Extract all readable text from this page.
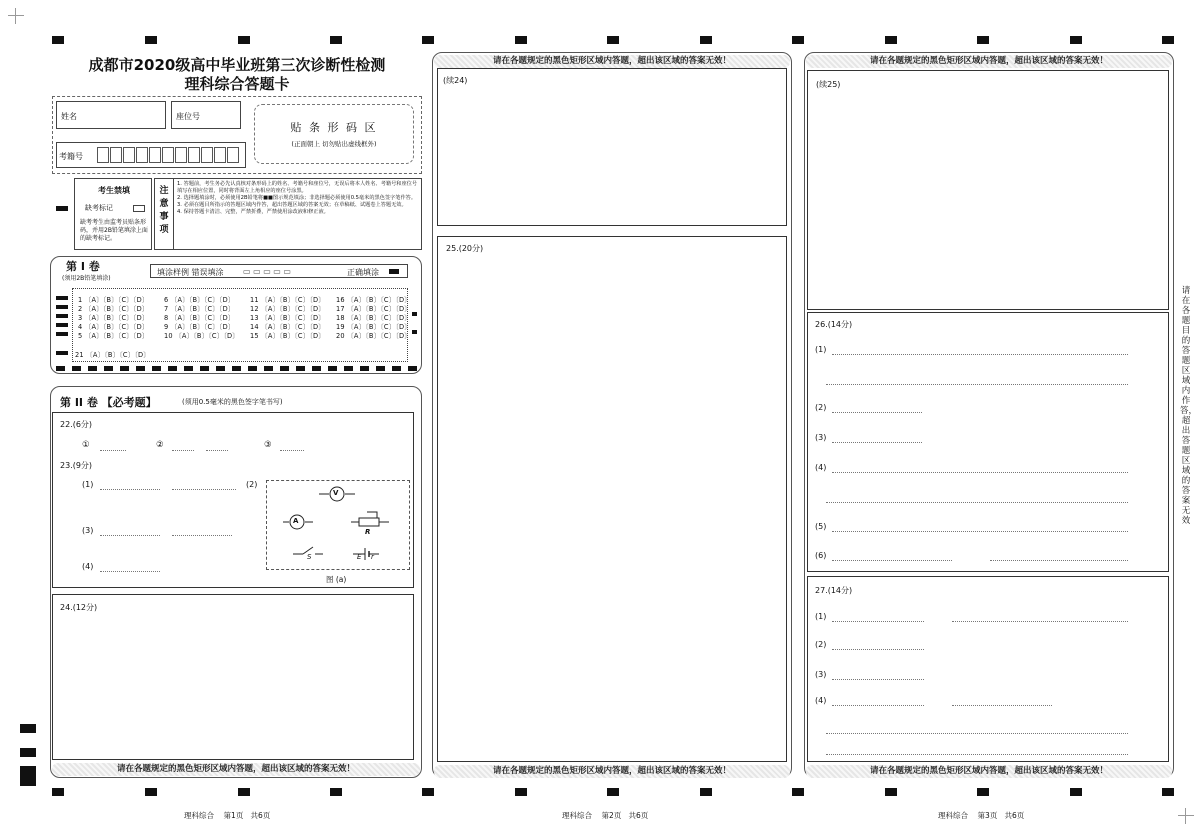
成都市2020级高中毕业班第三次诊断性检测
理科综合答题卡
姓名	座位号
考籍号
贴 条 形 码 区
(正面朝上 切勿贴出虚线框外)
考生禁填
缺考标记
缺考考生由监考员贴条形码，并用2B铅笔填涂上面的缺考标记。
注意事项
1. 答题前，考生务必先认真核对条形码上的姓名、考籍号和座位号，无误后将本人姓名、考籍号和座位号填写在相应位置，同时将背面左上角相应的座位号涂黑。
2. 选择题填涂时，必须使用2B铅笔将■■图示规范填涂；非选择题必须使用0.5毫米的黑色签字笔作答。
3. 必须在题目所指示的答题区域内作答，超出答题区域的答案无效；在草稿纸、试题卷上答题无效。
4. 保持答题卡清洁、完整，严禁折叠，严禁使用涂改液和修正液。
第 I 卷
(须用2B铅笔填涂)
填涂样例 错误填涂 ▭ ▭ ▭ ▭ ▭	正确填涂
1 〔A〕〔B〕〔C〕〔D〕 6 〔A〕〔B〕〔C〕〔D〕 11 〔A〕〔B〕〔C〕〔D〕 16 〔A〕〔B〕〔C〕〔D〕
2 〔A〕〔B〕〔C〕〔D〕 7 〔A〕〔B〕〔C〕〔D〕 12 〔A〕〔B〕〔C〕〔D〕 17 〔A〕〔B〕〔C〕〔D〕
3 〔A〕〔B〕〔C〕〔D〕 8 〔A〕〔B〕〔C〕〔D〕 13 〔A〕〔B〕〔C〕〔D〕 18 〔A〕〔B〕〔C〕〔D〕
4 〔A〕〔B〕〔C〕〔D〕 9 〔A〕〔B〕〔C〕〔D〕 14 〔A〕〔B〕〔C〕〔D〕 19 〔A〕〔B〕〔C〕〔D〕
5 〔A〕〔B〕〔C〕〔D〕 10 〔A〕〔B〕〔C〕〔D〕 15 〔A〕〔B〕〔C〕〔D〕 20 〔A〕〔B〕〔C〕〔D〕
21 〔A〕〔B〕〔C〕〔D〕
第 II 卷 【必考题】	(须用0.5毫米的黑色签字笔书写)
22.(6分)
①	②	③
23.(9分)
(1)	(2)
(3)
(4)
V
A
R
S	E r
图 (a)
24.(12分)
请在各题规定的黑色矩形区域内答题，超出该区域的答案无效！
请在各题规定的黑色矩形区域内答题，超出该区域的答案无效！
(续24)
25.(20分)
请在各题规定的黑色矩形区域内答题，超出该区域的答案无效！
请在各题规定的黑色矩形区域内答题，超出该区域的答案无效！
(续25)
26.(14分)
(1)
(2)
(3)
(4)
(5)
(6)
27.(14分)
(1)
(2)
(3)
(4)
请在各题规定的黑色矩形区域内答题，超出该区域的答案无效！
请在各题目的答题区域内作答，超出答题区域的答案无效
理科综合 第1页 共6页	理科综合 第2页 共6页	理科综合 第3页 共6页
